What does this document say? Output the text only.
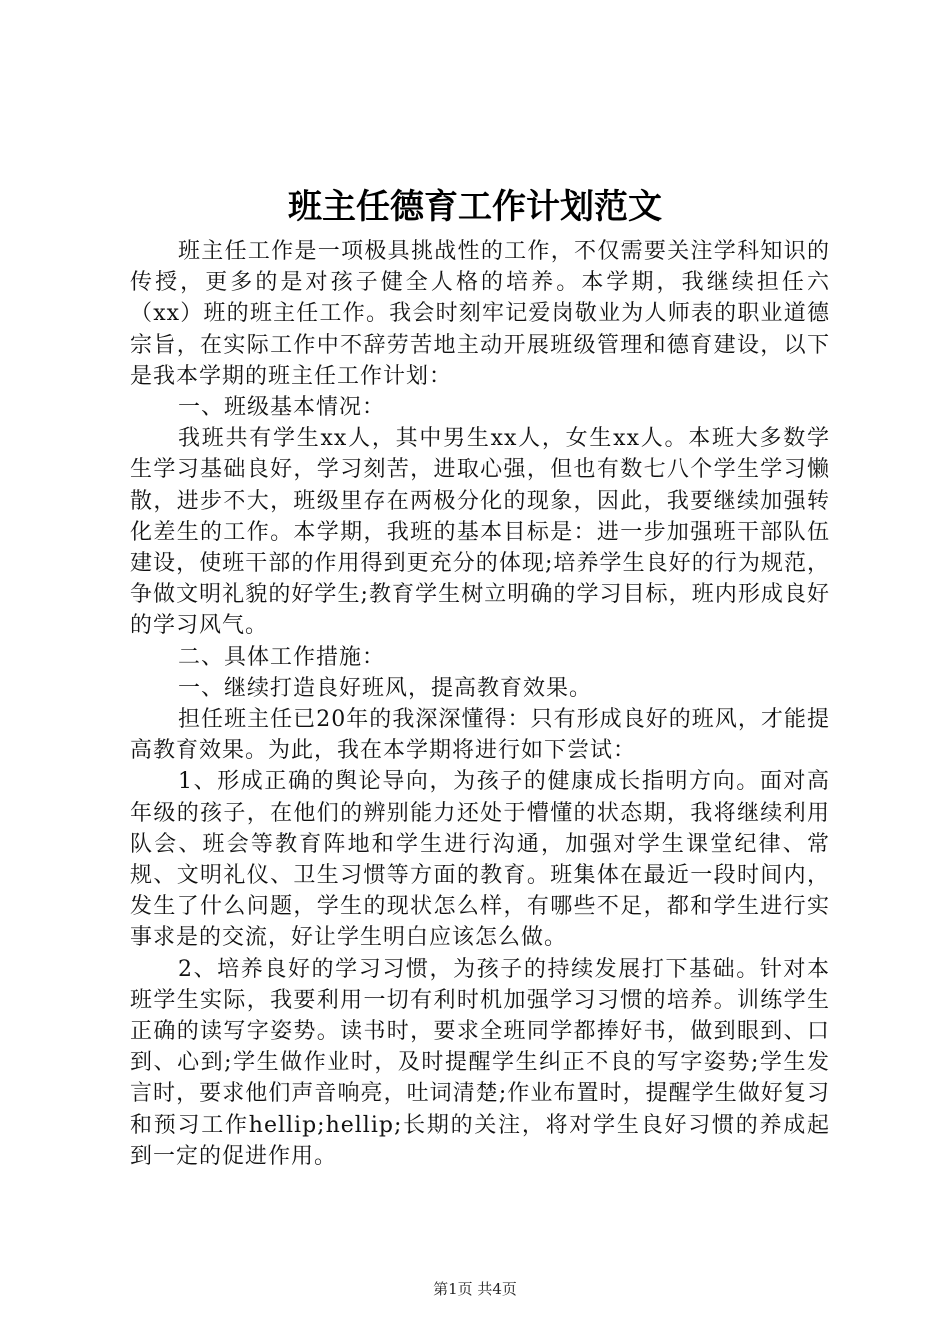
班主任德育工作计划范文

班主任工作是一项极具挑战性的工作，不仅需要关注学科知识的传授，更多的是对孩子健全人格的培养。本学期，我继续担任六（xx）班的班主任工作。我会时刻牢记爱岗敬业为人师表的职业道德宗旨，在实际工作中不辞劳苦地主动开展班级管理和德育建设，以下是我本学期的班主任工作计划：

一、班级基本情况：

我班共有学生xx人，其中男生xx人，女生xx人。本班大多数学生学习基础良好，学习刻苦，进取心强，但也有数七八个学生学习懒散，进步不大，班级里存在两极分化的现象，因此，我要继续加强转化差生的工作。本学期，我班的基本目标是：进一步加强班干部队伍建设，使班干部的作用得到更充分的体现;培养学生良好的行为规范，争做文明礼貌的好学生;教育学生树立明确的学习目标，班内形成良好的学习风气。

二、具体工作措施：

一、继续打造良好班风，提高教育效果。

担任班主任已20年的我深深懂得：只有形成良好的班风，才能提高教育效果。为此，我在本学期将进行如下尝试：

1、形成正确的舆论导向，为孩子的健康成长指明方向。面对高年级的孩子，在他们的辨别能力还处于懵懂的状态期，我将继续利用队会、班会等教育阵地和学生进行沟通，加强对学生课堂纪律、常规、文明礼仪、卫生习惯等方面的教育。班集体在最近一段时间内，发生了什么问题，学生的现状怎么样，有哪些不足，都和学生进行实事求是的交流，好让学生明白应该怎么做。

2、培养良好的学习习惯，为孩子的持续发展打下基础。针对本班学生实际，我要利用一切有利时机加强学习习惯的培养。训练学生正确的读写字姿势。读书时，要求全班同学都捧好书，做到眼到、口到、心到;学生做作业时，及时提醒学生纠正不良的写字姿势;学生发言时，要求他们声音响亮，吐词清楚;作业布置时，提醒学生做好复习和预习工作hellip;hellip;长期的关注，将对学生良好习惯的养成起到一定的促进作用。

第1页 共4页
